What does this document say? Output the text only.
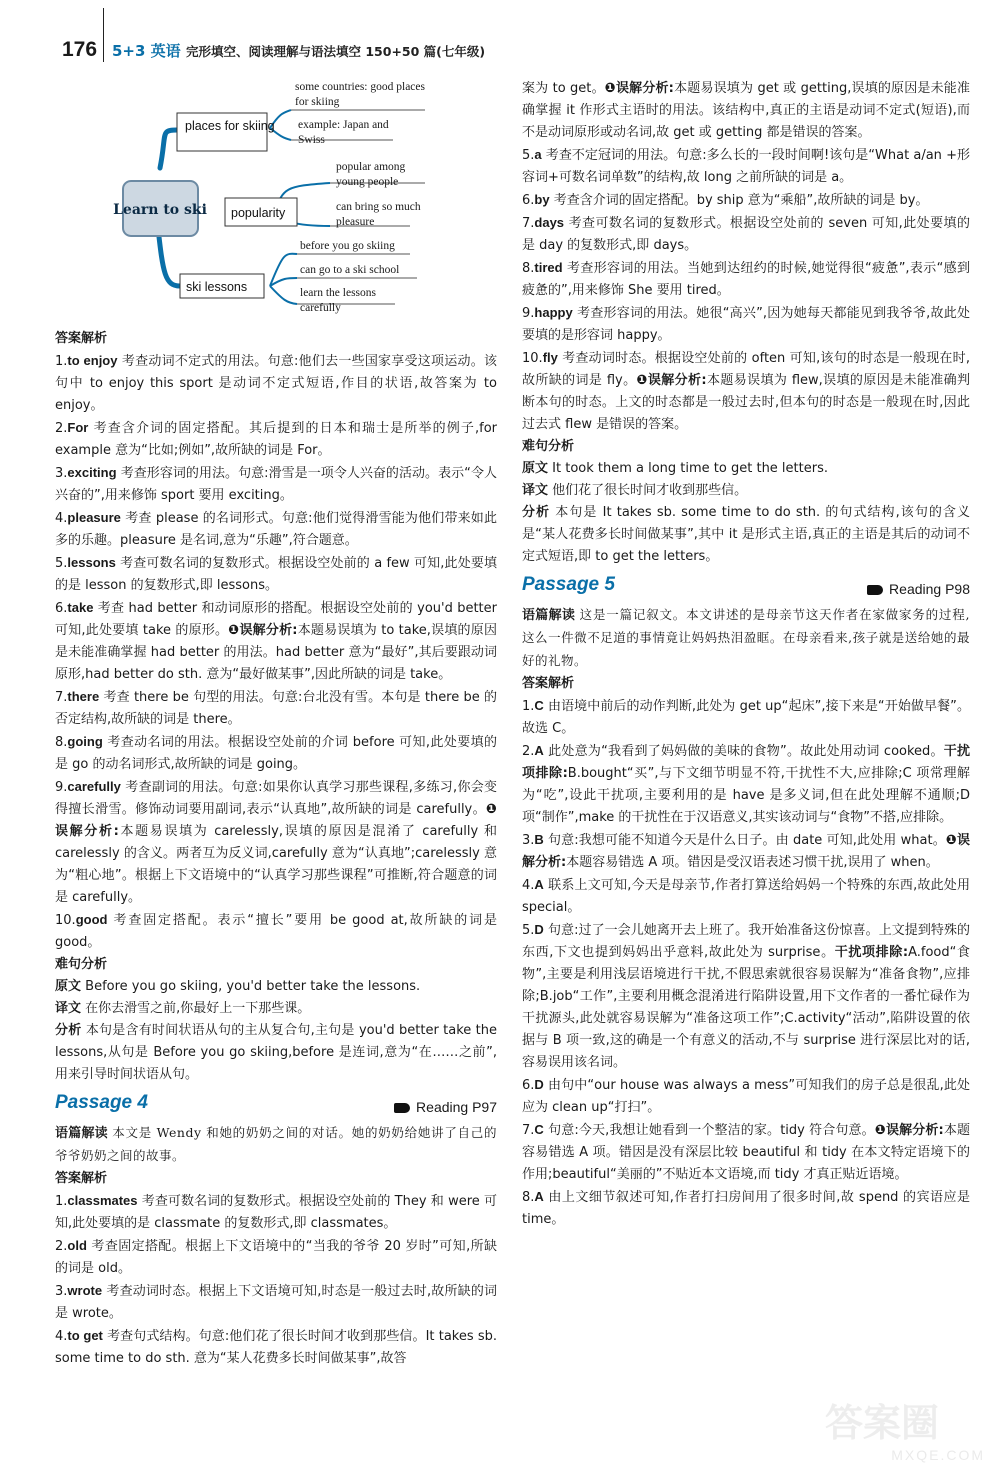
176 5+3 英语 完形填空、阅读理解与语法填空 150+50 篇(七年级)
Learn to ski
places for skiing
popularity
ski lessons
some countries: good places for skiing
example: Japan and Swiss
popular among young people
can bring so much pleasure
before you go skiing
can go to a ski school
learn the lessons carefully

答案解析

1.to enjoy 考查动词不定式的用法。句意:他们去一些国家享受这项运动。该句中 to enjoy this sport 是动词不定式短语,作目的状语,故答案为 to enjoy。

2.For 考查含介词的固定搭配。其后提到的日本和瑞士是所举的例子,for example 意为“比如;例如”,故所缺的词是 For。

3.exciting 考查形容词的用法。句意:滑雪是一项令人兴奋的活动。表示“令人兴奋的”,用来修饰 sport 要用 exciting。

4.pleasure 考查 please 的名词形式。句意:他们觉得滑雪能为他们带来如此多的乐趣。pleasure 是名词,意为“乐趣”,符合题意。

5.lessons 考查可数名词的复数形式。根据设空处前的 a few 可知,此处要填的是 lesson 的复数形式,即 lessons。

6.take 考查 had better 和动词原形的搭配。根据设空处前的 you'd better 可知,此处要填 take 的原形。❶误解分析:本题易误填为 to take,误填的原因是未能准确掌握 had better 的用法。had better 意为“最好”,其后要跟动词原形,had better do sth. 意为“最好做某事”,因此所缺的词是 take。

7.there 考查 there be 句型的用法。句意:台北没有雪。本句是 there be 的否定结构,故所缺的词是 there。

8.going 考查动名词的用法。根据设空处前的介词 before 可知,此处要填的是 go 的动名词形式,故所缺的词是 going。

9.carefully 考查副词的用法。句意:如果你认真学习那些课程,多练习,你会变得擅长滑雪。修饰动词要用副词,表示“认真地”,故所缺的词是 carefully。❶误解分析:本题易误填为 carelessly,误填的原因是混淆了 carefully 和 carelessly 的含义。两者互为反义词,carefully 意为“认真地”;carelessly 意为“粗心地”。根据上下文语境中的“认真学习那些课程”可推断,符合题意的词是 carefully。

10.good 考查固定搭配。表示“擅长”要用 be good at,故所缺的词是 good。

难句分析

原文 Before you go skiing, you'd better take the lessons.

译文 在你去滑雪之前,你最好上一下那些课。

分析 本句是含有时间状语从句的主从复合句,主句是 you'd better take the lessons,从句是 Before you go skiing,before 是连词,意为“在……之前”,用来引导时间状语从句。

Passage 4	Reading P97

语篇解读 本文是 Wendy 和她的奶奶之间的对话。她的奶奶给她讲了自己的爷爷奶奶之间的故事。

答案解析

1.classmates 考查可数名词的复数形式。根据设空处前的 They 和 were 可知,此处要填的是 classmate 的复数形式,即 classmates。

2.old 考查固定搭配。根据上下文语境中的“当我的爷爷 20 岁时”可知,所缺的词是 old。

3.wrote 考查动词时态。根据上下文语境可知,时态是一般过去时,故所缺的词是 wrote。

4.to get 考查句式结构。句意:他们花了很长时间才收到那些信。It takes sb. some time to do sth. 意为“某人花费多长时间做某事”,故答

案为 to get。❶误解分析:本题易误填为 get 或 getting,误填的原因是未能准确掌握 it 作形式主语时的用法。该结构中,真正的主语是动词不定式(短语),而不是动词原形或动名词,故 get 或 getting 都是错误的答案。

5.a 考查不定冠词的用法。句意:多么长的一段时间啊!该句是“What a/an +形容词+可数名词单数”的结构,故 long 之前所缺的词是 a。

6.by 考查含介词的固定搭配。by ship 意为“乘船”,故所缺的词是 by。

7.days 考查可数名词的复数形式。根据设空处前的 seven 可知,此处要填的是 day 的复数形式,即 days。

8.tired 考查形容词的用法。当她到达纽约的时候,她觉得很“疲惫”,表示“感到疲惫的”,用来修饰 She 要用 tired。

9.happy 考查形容词的用法。她很“高兴”,因为她每天都能见到我爷爷,故此处要填的是形容词 happy。

10.fly 考查动词时态。根据设空处前的 often 可知,该句的时态是一般现在时,故所缺的词是 fly。❶误解分析:本题易误填为 flew,误填的原因是未能准确判断本句的时态。上文的时态都是一般过去时,但本句的时态是一般现在时,因此过去式 flew 是错误的答案。

难句分析

原文 It took them a long time to get the letters.

译文 他们花了很长时间才收到那些信。

分析 本句是 It takes sb. some time to do sth. 的句式结构,该句的含义是“某人花费多长时间做某事”,其中 it 是形式主语,真正的主语是其后的动词不定式短语,即 to get the letters。

Passage 5	Reading P98

语篇解读 这是一篇记叙文。本文讲述的是母亲节这天作者在家做家务的过程,这么一件微不足道的事情竟让妈妈热泪盈眶。在母亲看来,孩子就是送给她的最好的礼物。

答案解析

1.C 由语境中前后的动作判断,此处为 get up“起床”,接下来是“开始做早餐”。故选 C。

2.A 此处意为“我看到了妈妈做的美味的食物”。故此处用动词 cooked。干扰项排除:B.bought“买”,与下文细节明显不符,干扰性不大,应排除;C 项常理解为“吃”,设此干扰项,主要利用的是 have 是多义词,但在此处理解不通顺;D 项“制作”,make 的干扰性在于汉语意义,其实该动词与“食物”不搭,应排除。

3.B 句意:我想可能不知道今天是什么日子。由 date 可知,此处用 what。❶误解分析:本题容易错选 A 项。错因是受汉语表述习惯干扰,误用了 when。

4.A 联系上文可知,今天是母亲节,作者打算送给妈妈一个特殊的东西,故此处用 special。

5.D 句意:过了一会儿她离开去上班了。我开始准备这份惊喜。上文提到特殊的东西,下文也提到妈妈出乎意料,故此处为 surprise。干扰项排除:A.food“食物”,主要是利用浅层语境进行干扰,不假思索就很容易误解为“准备食物”,应排除;B.job“工作”,主要利用概念混淆进行陷阱设置,用下文作者的一番忙碌作为干扰源头,此处就容易误解为“准备这项工作”;C.activity“活动”,陷阱设置的依据与 B 项一致,这的确是一个有意义的活动,不与 surprise 进行深层比对的话,容易误用该名词。

6.D 由句中“our house was always a mess”可知我们的房子总是很乱,此处应为 clean up“打扫”。

7.C 句意:今天,我想让她看到一个整洁的家。tidy 符合句意。❶误解分析:本题容易错选 A 项。错因是没有深层比较 beautiful 和 tidy 在本文特定语境下的作用;beautiful“美丽的”不贴近本文语境,而 tidy 才真正贴近语境。

8.A 由上文细节叙述可知,作者打扫房间用了很多时间,故 spend 的宾语应是 time。

答案圈
MXQE.COM
